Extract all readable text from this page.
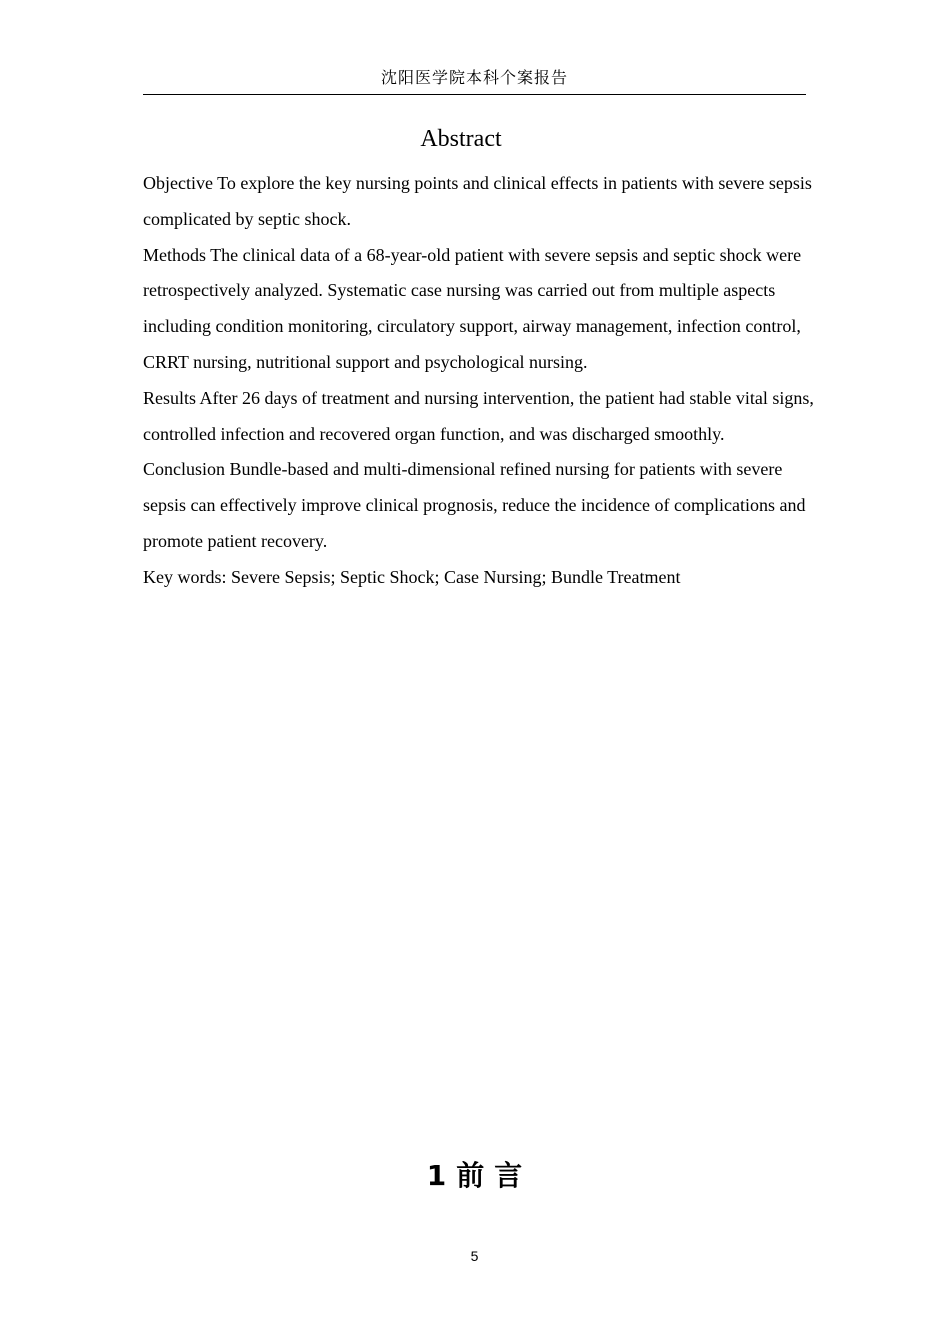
沈阳医学院本科个案报告
Abstract

Objective To explore the key nursing points and clinical effects in patients with severe sepsis complicated by septic shock.

Methods The clinical data of a 68-year-old patient with severe sepsis and septic shock were retrospectively analyzed. Systematic case nursing was carried out from multiple aspects including condition monitoring, circulatory support, airway management, infection control, CRRT nursing, nutritional support and psychological nursing.

Results After 26 days of treatment and nursing intervention, the patient had stable vital signs, controlled infection and recovered organ function, and was discharged smoothly.

Conclusion Bundle-based and multi-dimensional refined nursing for patients with severe sepsis can effectively improve clinical prognosis, reduce the incidence of complications and promote patient recovery.

Key words: Severe Sepsis; Septic Shock; Case Nursing; Bundle Treatment

1 前 言
5
